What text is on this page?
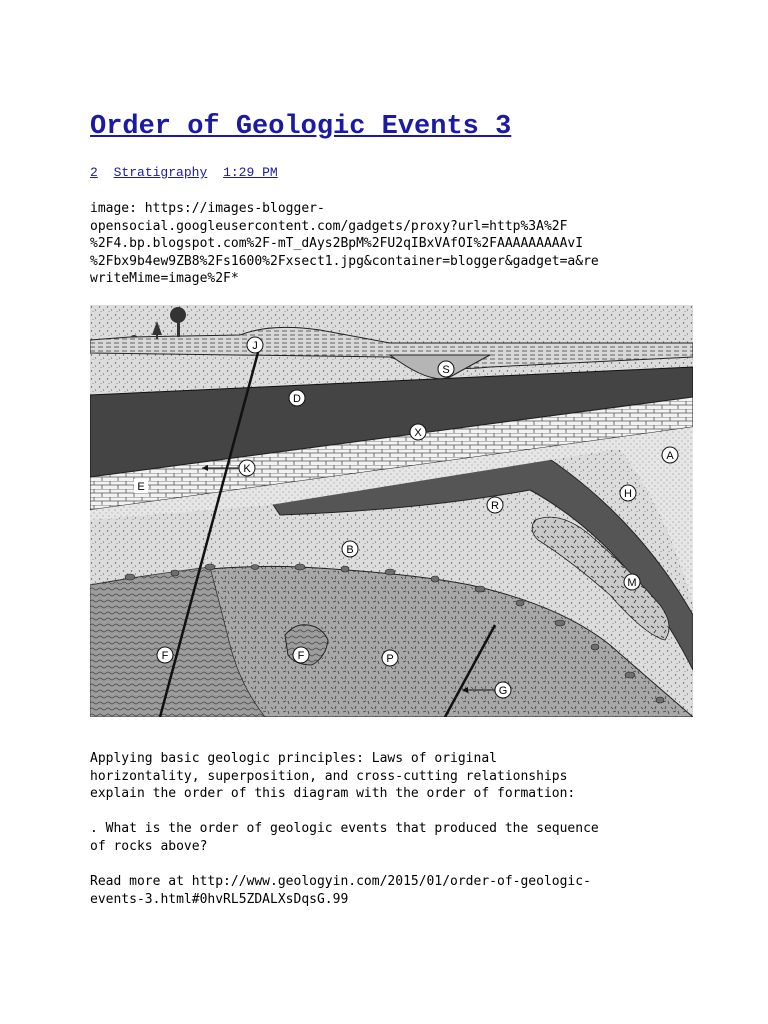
Order of Geologic Events 3
2 Stratigraphy 1:29 PM
image: https://images-blogger-
opensocial.googleusercontent.com/gadgets/proxy?url=http%3A%2F
%2F4.bp.blogspot.com%2F-mT_dAys2BpM%2FU2qIBxVAfOI%2FAAAAAAAAAvI
%2Fbx9b4ew9ZB8%2Fs1600%2Fxsect1.jpg&container=blogger&gadget=a&re
writeMime=image%2F*
J
S
D
X
K
E
A
H
R
B
M
F	F	P
G
Applying basic geologic principles: Laws of original
horizontality, superposition, and cross-cutting relationships
explain the order of this diagram with the order of formation:
. What is the order of geologic events that produced the sequence
of rocks above?
Read more at http://www.geologyin.com/2015/01/order-of-geologic-
events-3.html#0hvRL5ZDALXsDqsG.99
